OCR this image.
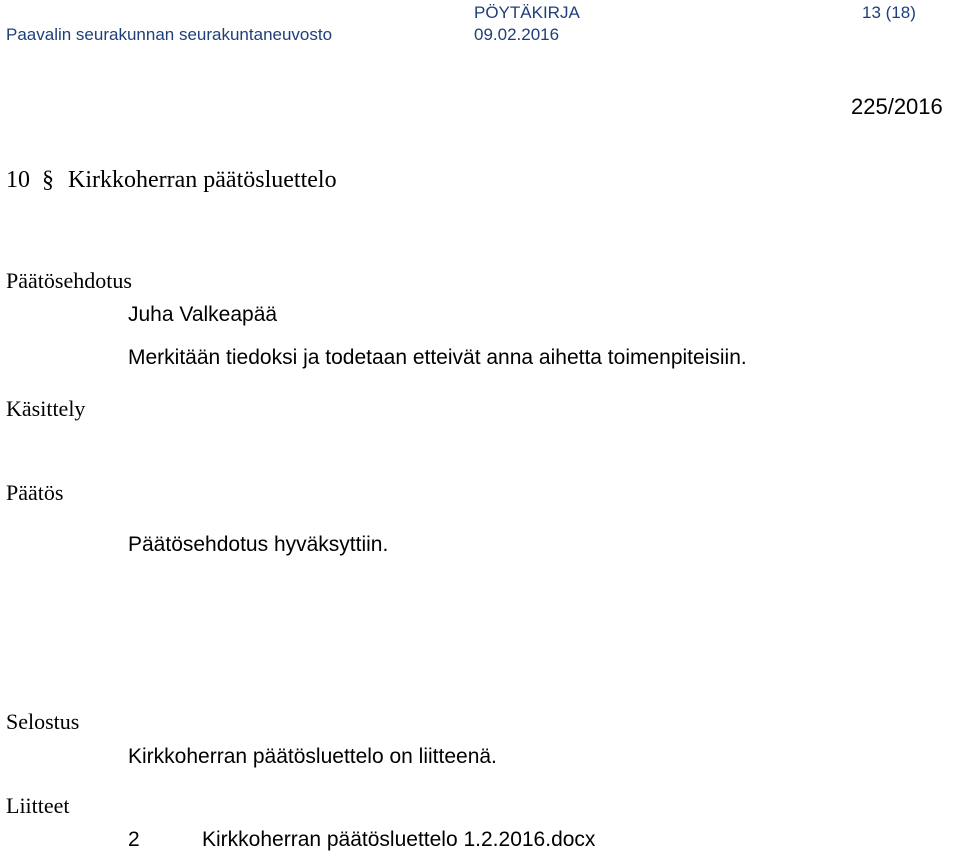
Paavalin seurakunnan seurakuntaneuvosto
PÖYTÄKIRJA
09.02.2016
13 (18)
225/2016
10 § Kirkkoherran päätösluettelo
Päätösehdotus
Käsittely
Päätös
Selostus
Liitteet
Juha Valkeapää
Merkitään tiedoksi ja todetaan etteivät anna aihetta toimenpiteisiin.
Päätösehdotus hyväksyttiin.
Kirkkoherran päätösluettelo on liitteenä.
2	Kirkkoherran päätösluettelo 1.2.2016.docx
